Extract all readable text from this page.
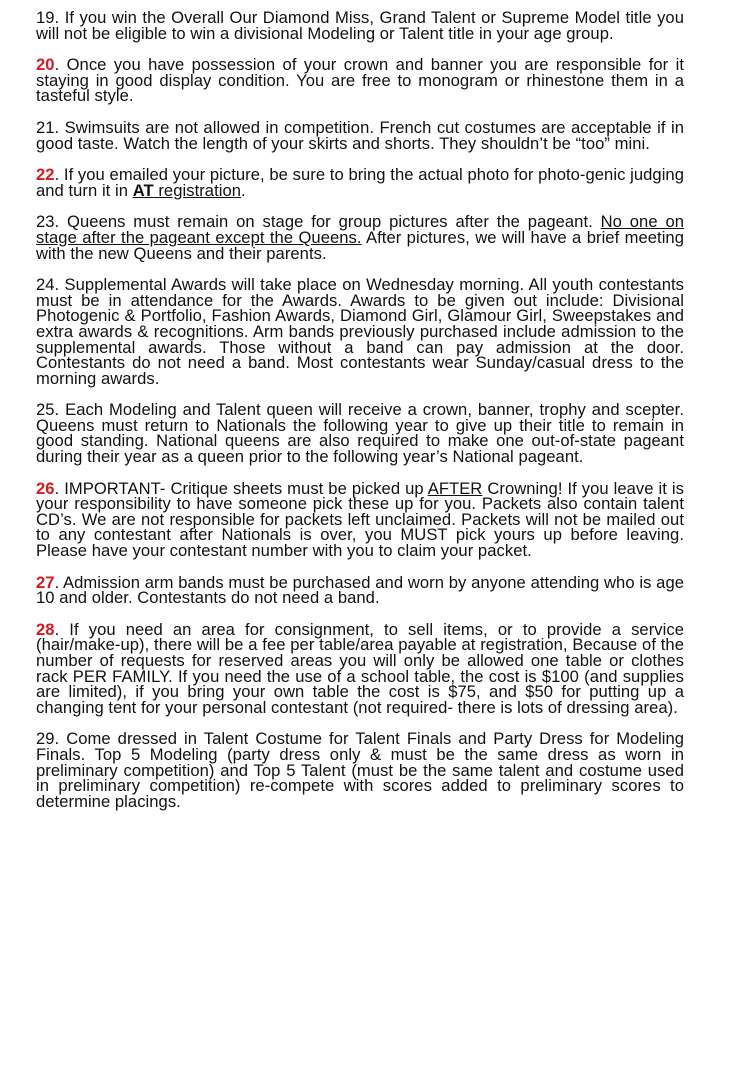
19. If you win the Overall Our Diamond Miss, Grand Talent or Supreme Model title you will not be eligible to win a divisional Modeling or Talent title in your age group.

20. Once you have possession of your crown and banner you are responsible for it staying in good display condition. You are free to monogram or rhinestone them in a tasteful style.

21. Swimsuits are not allowed in competition. French cut costumes are acceptable if in good taste. Watch the length of your skirts and shorts. They shouldn’t be “too” mini.

22. If you emailed your picture, be sure to bring the actual photo for photo-genic judging and turn it in AT registration.

23. Queens must remain on stage for group pictures after the pageant. No one on stage after the pageant except the Queens. After pictures, we will have a brief meeting with the new Queens and their parents.

24. Supplemental Awards will take place on Wednesday morning. All youth contestants must be in attendance for the Awards. Awards to be given out include: Divisional Photogenic & Portfolio, Fashion Awards, Diamond Girl, Glamour Girl, Sweepstakes and extra awards & recognitions. Arm bands previously purchased include admission to the supplemental awards. Those without a band can pay admission at the door. Contestants do not need a band. Most contestants wear Sunday/casual dress to the morning awards.

25. Each Modeling and Talent queen will receive a crown, banner, trophy and scepter. Queens must return to Nationals the following year to give up their title to remain in good standing. National queens are also required to make one out-of-state pageant during their year as a queen prior to the following year’s National pageant.

26. IMPORTANT- Critique sheets must be picked up AFTER Crowning! If you leave it is your responsibility to have someone pick these up for you. Packets also contain talent CD’s. We are not responsible for packets left unclaimed. Packets will not be mailed out to any contestant after Nationals is over, you MUST pick yours up before leaving. Please have your contestant number with you to claim your packet.

27. Admission arm bands must be purchased and worn by anyone attending who is age 10 and older. Contestants do not need a band.

28. If you need an area for consignment, to sell items, or to provide a service (hair/make-up), there will be a fee per table/area payable at registration, Because of the number of requests for reserved areas you will only be allowed one table or clothes rack PER FAMILY. If you need the use of a school table, the cost is $100 (and supplies are limited), if you bring your own table the cost is $75, and $50 for putting up a changing tent for your personal contestant (not required- there is lots of dressing area).

29. Come dressed in Talent Costume for Talent Finals and Party Dress for Modeling Finals. Top 5 Modeling (party dress only & must be the same dress as worn in preliminary competition) and Top 5 Talent (must be the same talent and costume used in preliminary competition) re-compete with scores added to preliminary scores to determine placings.
